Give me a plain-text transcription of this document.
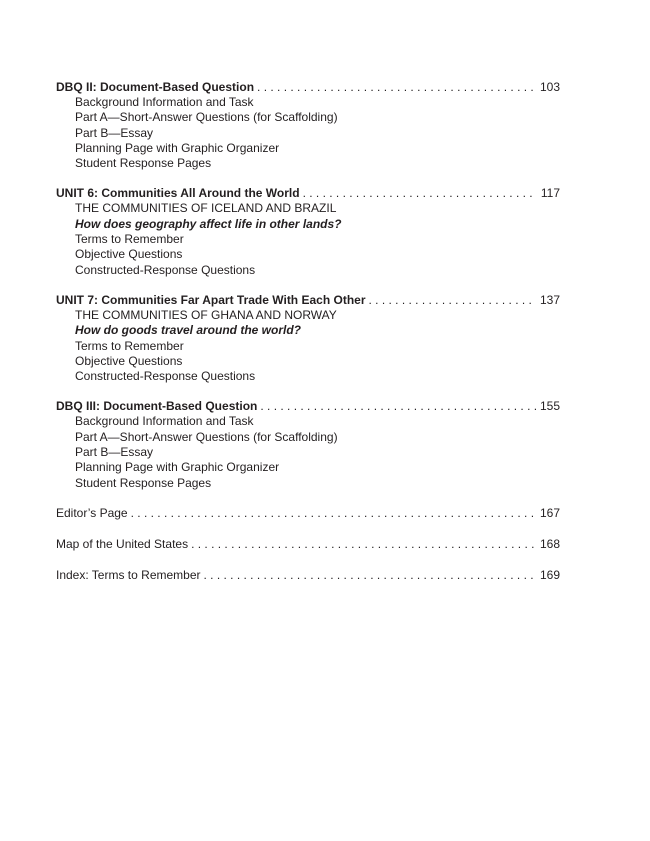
DBQ II: Document-Based Question . . .	103
Background Information and Task
Part A—Short-Answer Questions (for Scaffolding)
Part B—Essay
Planning Page with Graphic Organizer
Student Response Pages
UNIT 6: Communities All Around the World . . .	117
THE COMMUNITIES OF ICELAND AND BRAZIL
How does geography affect life in other lands?
Terms to Remember
Objective Questions
Constructed-Response Questions
UNIT 7: Communities Far Apart Trade With Each Other . . .	137
THE COMMUNITIES OF GHANA AND NORWAY
How do goods travel around the world?
Terms to Remember
Objective Questions
Constructed-Response Questions
DBQ III: Document-Based Question . . .	155
Background Information and Task
Part A—Short-Answer Questions (for Scaffolding)
Part B—Essay
Planning Page with Graphic Organizer
Student Response Pages
Editor’s Page . . .	167
Map of the United States . . .	168
Index: Terms to Remember . . .	169
